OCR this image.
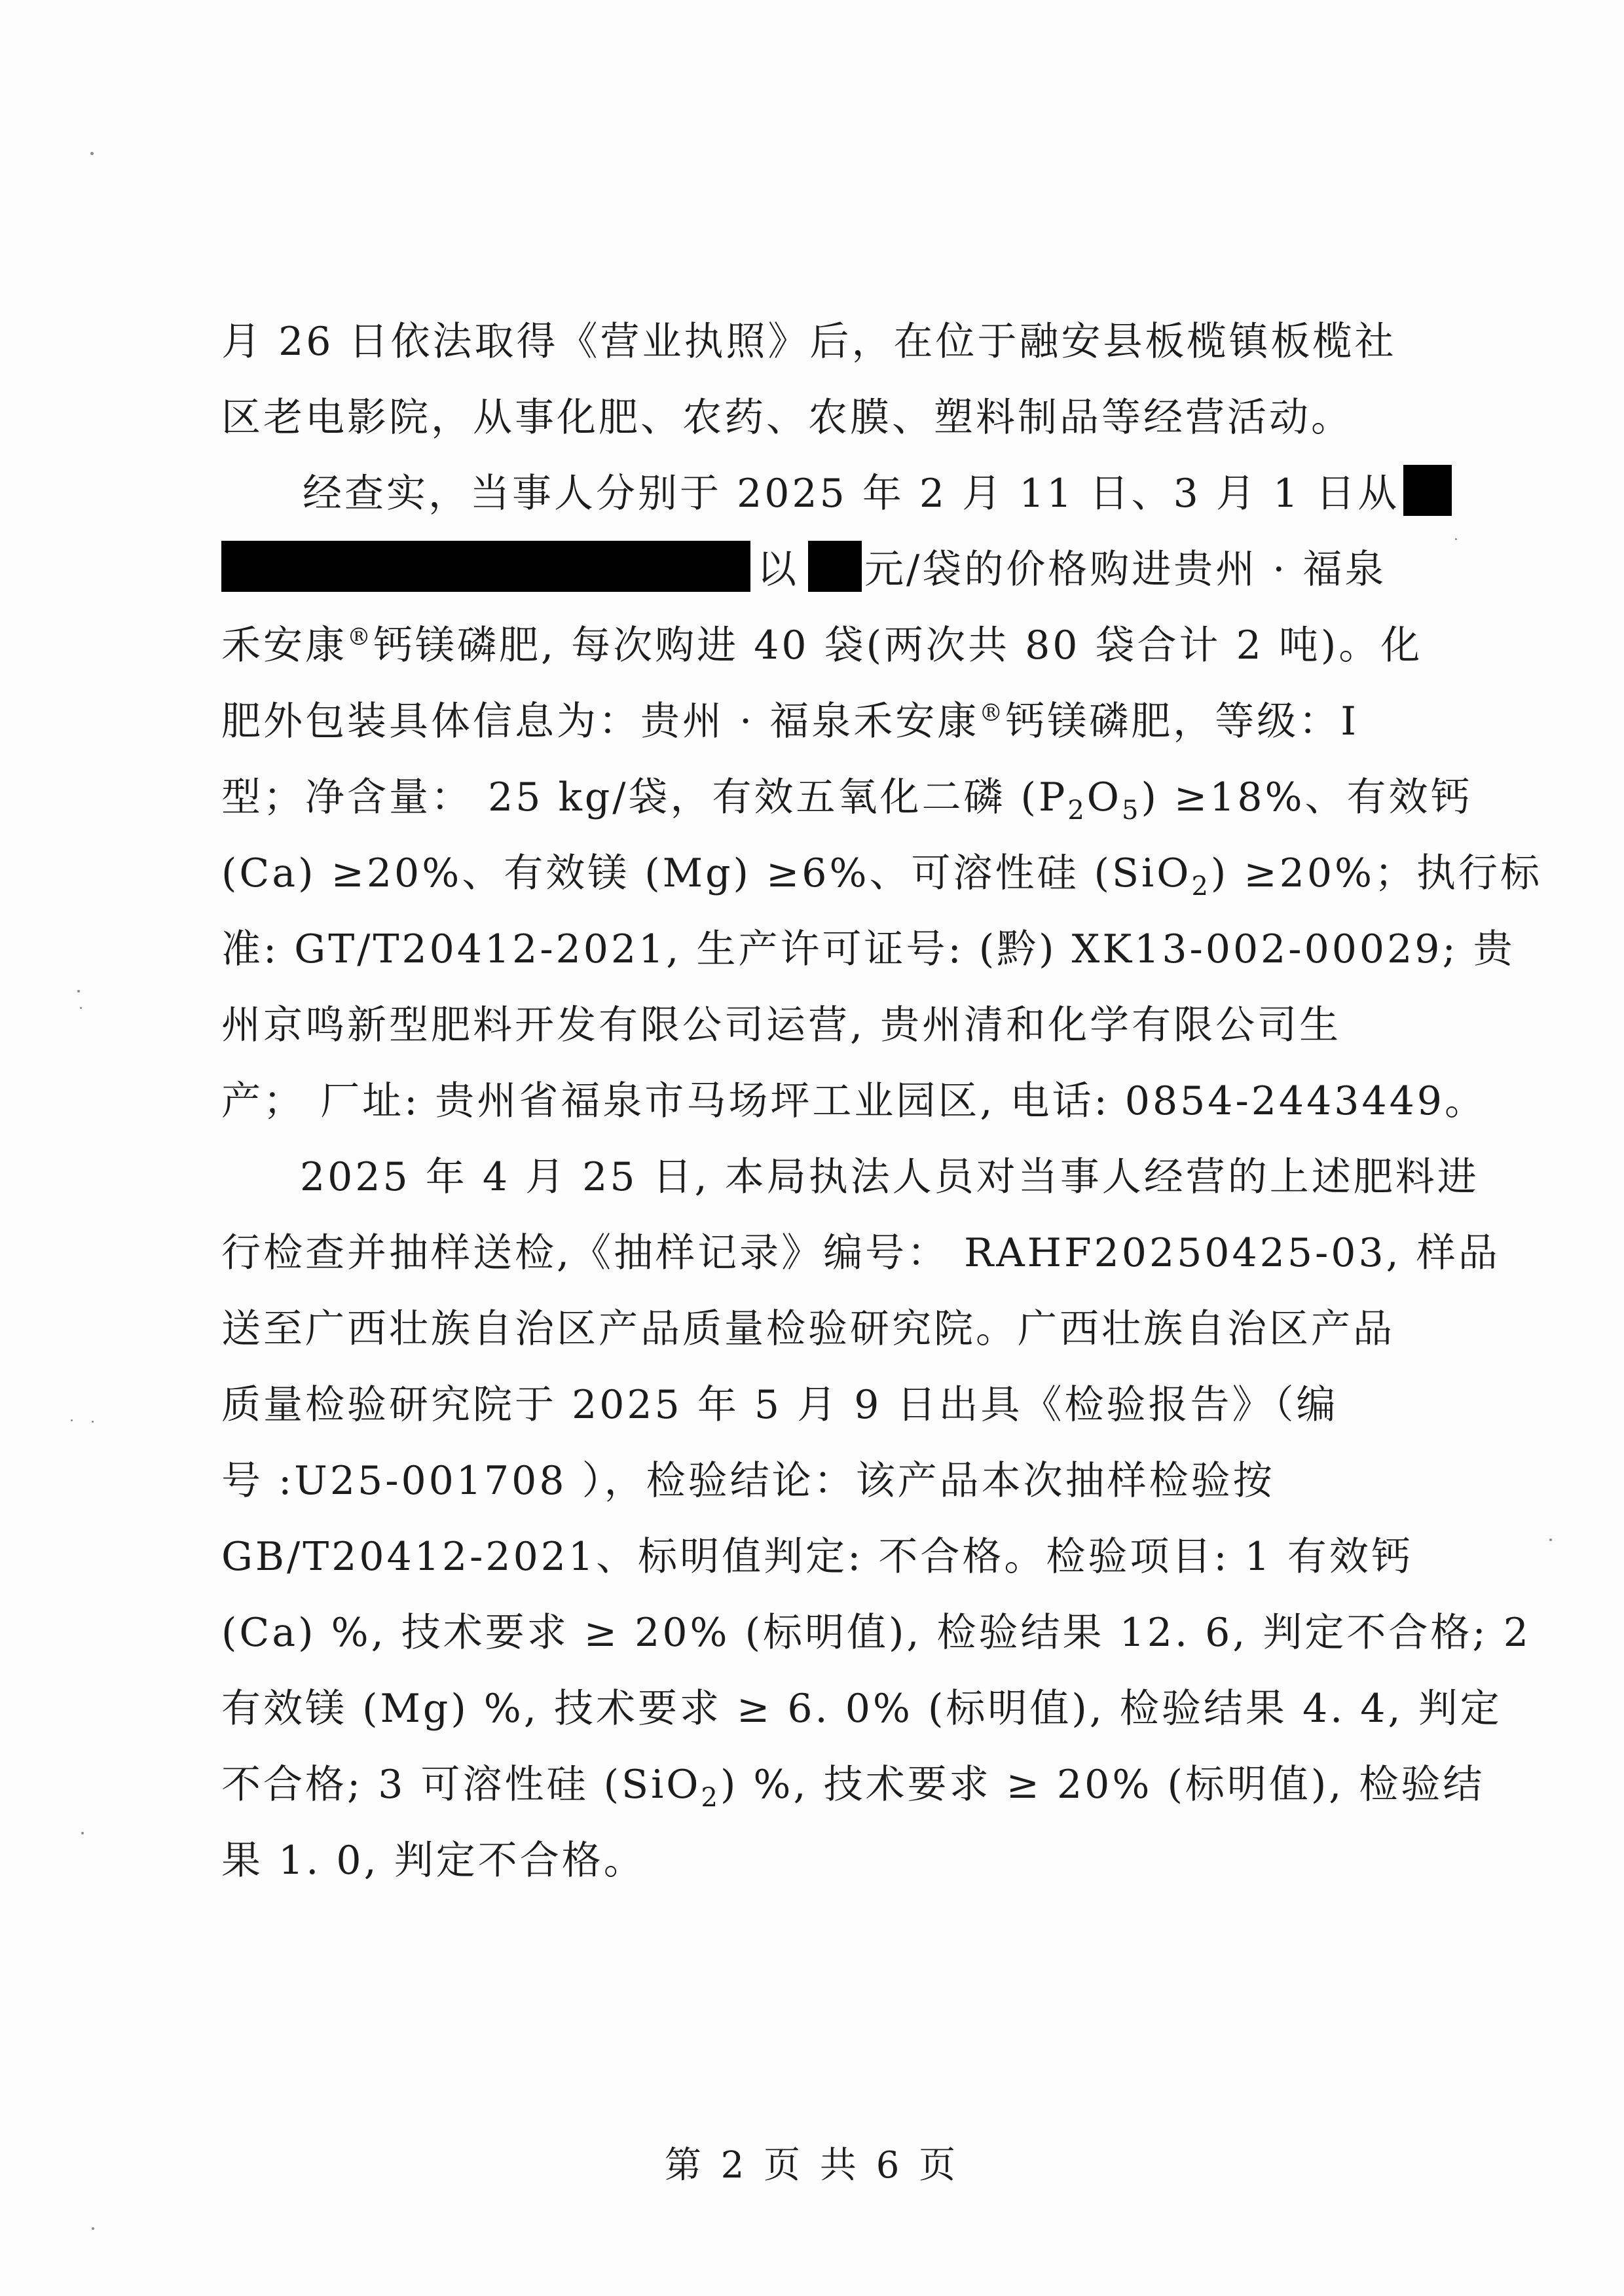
月 26 日依法取得《营业执照》后，在位于融安县板榄镇板榄社
区老电影院，从事化肥、农药、农膜、塑料制品等经营活动。
经查实，当事人分别于 2025 年 2 月 11 日、3 月 1 日从
以 元/袋的价格购进贵州 · 福泉
禾安康®钙镁磷肥, 每次购进 40 袋(两次共 80 袋合计 2 吨)。化
肥外包装具体信息为：贵州 · 福泉禾安康®钙镁磷肥，等级：I
型；净含量： 25 kg/袋，有效五氧化二磷 $(P_2O_5) \ge 18\%$、有效钙
(Ca) ≥20%、有效镁 (Mg) ≥6%、可溶性硅 (SiO$_2$) ≥20%；执行标
准: GT/T20412-2021, 生产许可证号: (黔) XK13-002-00029; 贵
州京鸣新型肥料开发有限公司运营, 贵州清和化学有限公司生
产； 厂址: 贵州省福泉市马场坪工业园区, 电话: 0854-2443449。
2025 年 4 月 25 日, 本局执法人员对当事人经营的上述肥料进
行检查并抽样送检,《抽样记录》编号： RAHF20250425-03, 样品
送至广西壮族自治区产品质量检验研究院。广西壮族自治区产品
质量检验研究院于 2025 年 5 月 9 日出具《检验报告》（编
号 :U25-001708 ），检验结论：该产品本次抽样检验按
GB/T20412-2021、标明值判定: 不合格。检验项目: 1 有效钙
(Ca) %, 技术要求 ≥ 20% (标明值), 检验结果 12. 6, 判定不合格; 2
有效镁 (Mg) %, 技术要求 ≥ 6. 0% (标明值), 检验结果 4. 4, 判定
不合格; 3 可溶性硅 (SiO$_2$) %, 技术要求 ≥ 20% (标明值), 检验结
果 1. 0, 判定不合格。
第 2 页 共 6 页
